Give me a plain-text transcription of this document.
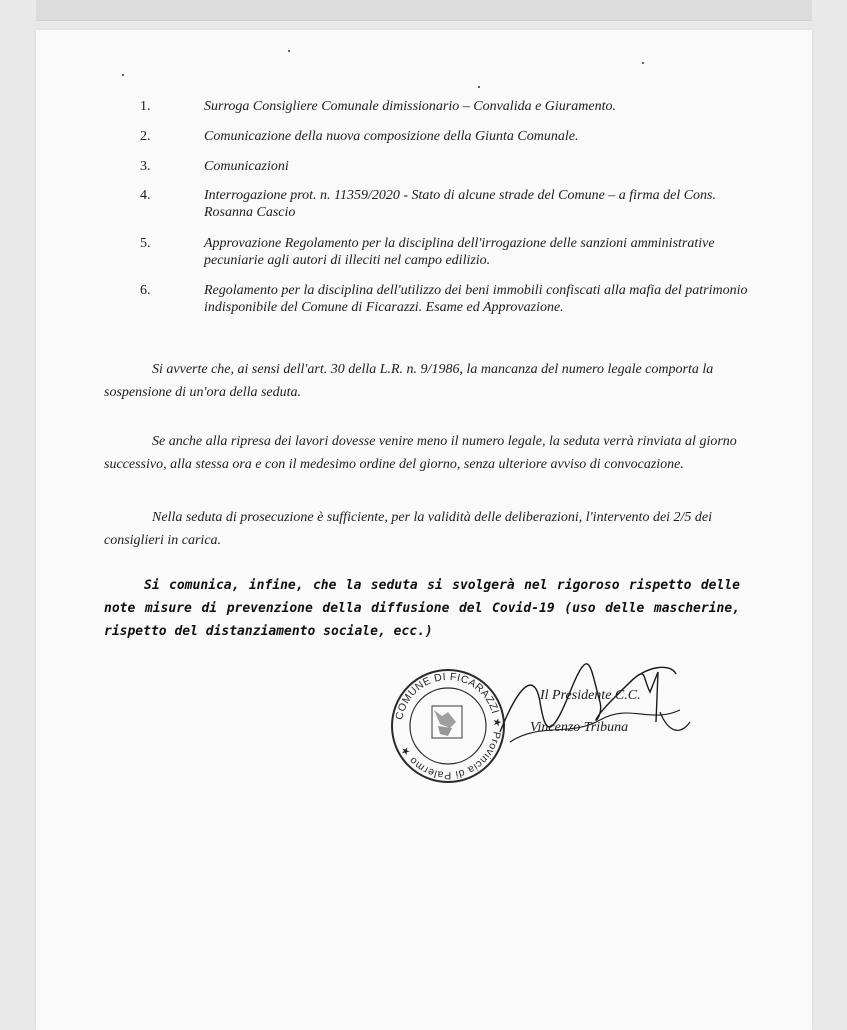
1.	Surroga Consigliere Comunale dimissionario – Convalida e Giuramento.
2.	Comunicazione della nuova composizione della Giunta Comunale.
3.	Comunicazioni
4.	Interrogazione prot. n. 11359/2020 - Stato di alcune strade del Comune – a firma del Cons. Rosanna Cascio
5.	Approvazione Regolamento per la disciplina dell'irrogazione delle sanzioni amministrative pecuniarie agli autori di illeciti nel campo edilizio.
6.	Regolamento per la disciplina dell'utilizzo dei beni immobili confiscati alla mafia del patrimonio indisponibile del Comune di Ficarazzi. Esame ed Approvazione.

Si avverte che, ai sensi dell'art. 30 della L.R. n. 9/1986, la mancanza del numero legale comporta la sospensione di un'ora della seduta.

Se anche alla ripresa dei lavori dovesse venire meno il numero legale, la seduta verrà rinviata al giorno successivo, alla stessa ora e con il medesimo ordine del giorno, senza ulteriore avviso di convocazione.

Nella seduta di prosecuzione è sufficiente, per la validità delle deliberazioni, l'intervento dei 2/5 dei consiglieri in carica.

Si comunica, infine, che la seduta si svolgerà nel rigoroso rispetto delle note misure di prevenzione della diffusione del Covid-19 (uso delle mascherine, rispetto del distanziamento sociale, ecc.)

COMUNE DI FICARAZZI ★ Provincia di Palermo ★
Il Presidente C.C.
Vincenzo Tribuna
